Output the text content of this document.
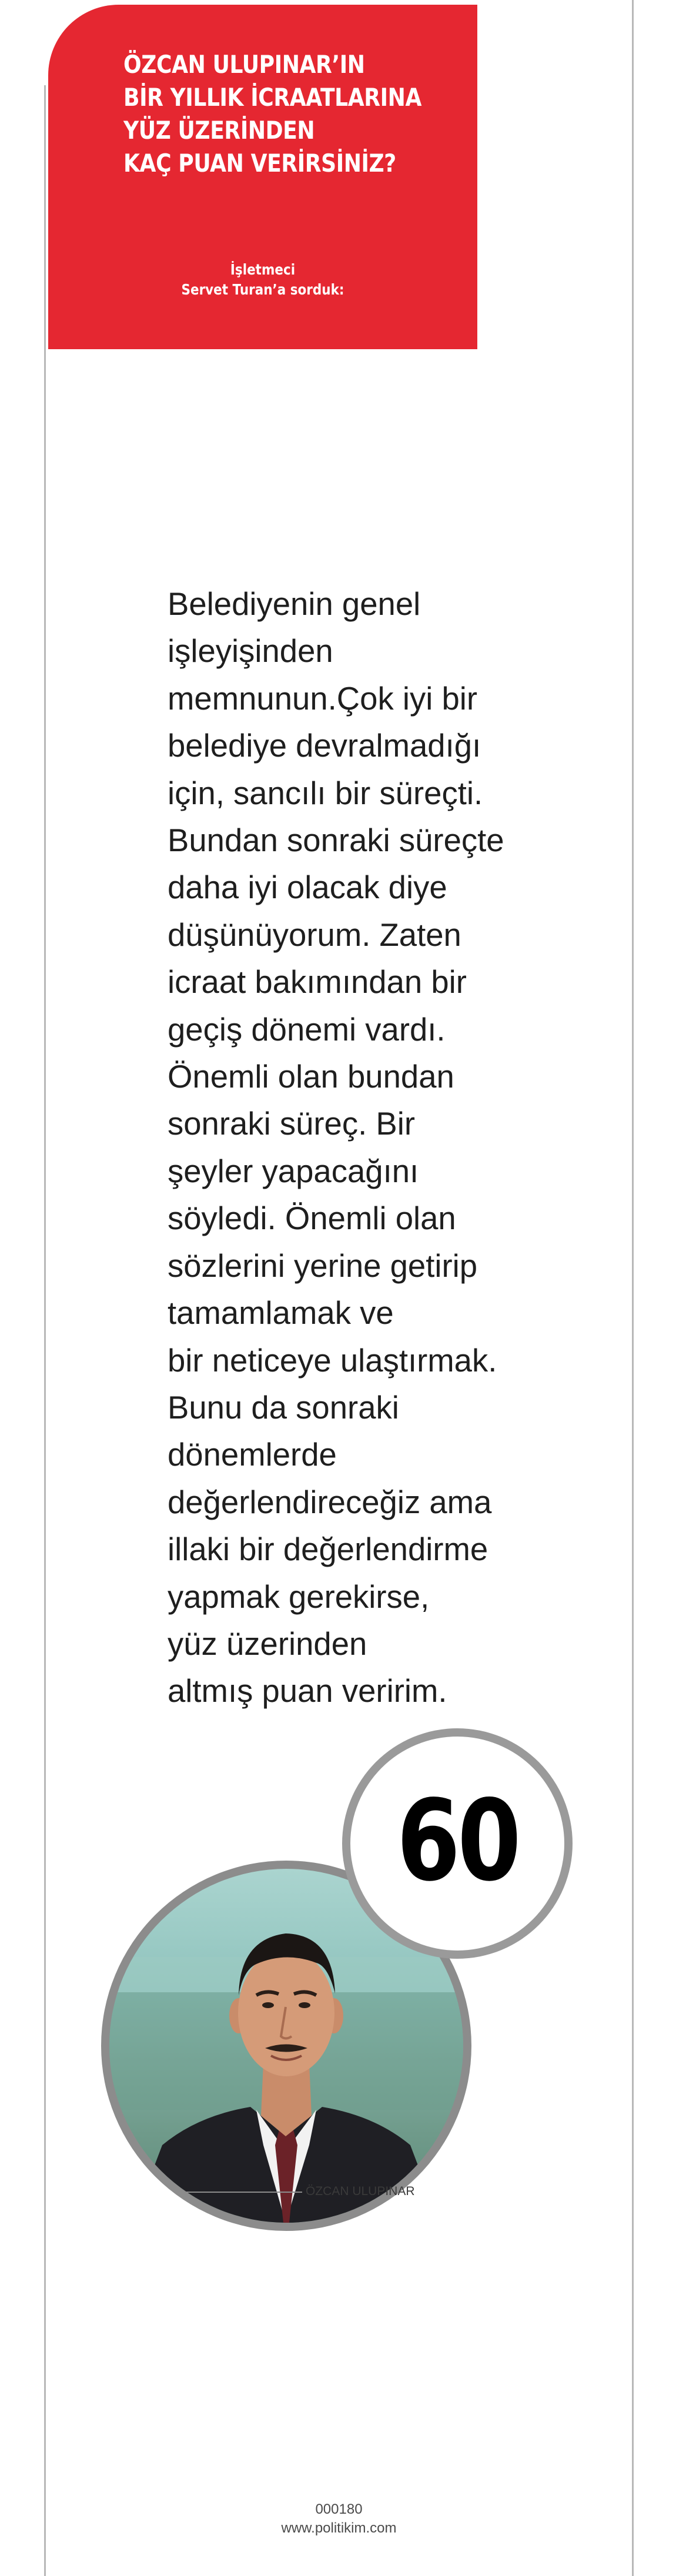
ÖZCAN ULUPINAR’IN
BİR YILLIK İCRAATLARINA
YÜZ ÜZERİNDEN
KAÇ PUAN VERİRSİNİZ?
İşletmeci
Servet Turan’a sorduk:

Belediyenin genel
işleyişinden
memnunun.Çok iyi bir
belediye devralmadığı
için, sancılı bir süreçti.
Bundan sonraki süreçte
daha iyi olacak diye
düşünüyorum. Zaten
icraat bakımından bir
geçiş dönemi vardı.
Önemli olan bundan
sonraki süreç. Bir
şeyler yapacağını
söyledi. Önemli olan
sözlerini yerine getirip
tamamlamak ve
bir neticeye ulaştırmak.
Bunu da sonraki
dönemlerde
değerlendireceğiz ama
illaki bir değerlendirme
yapmak gerekirse,
yüz üzerinden
altmış puan veririm.

60
ÖZCAN ULUPINAR
000180
www.politikim.com
